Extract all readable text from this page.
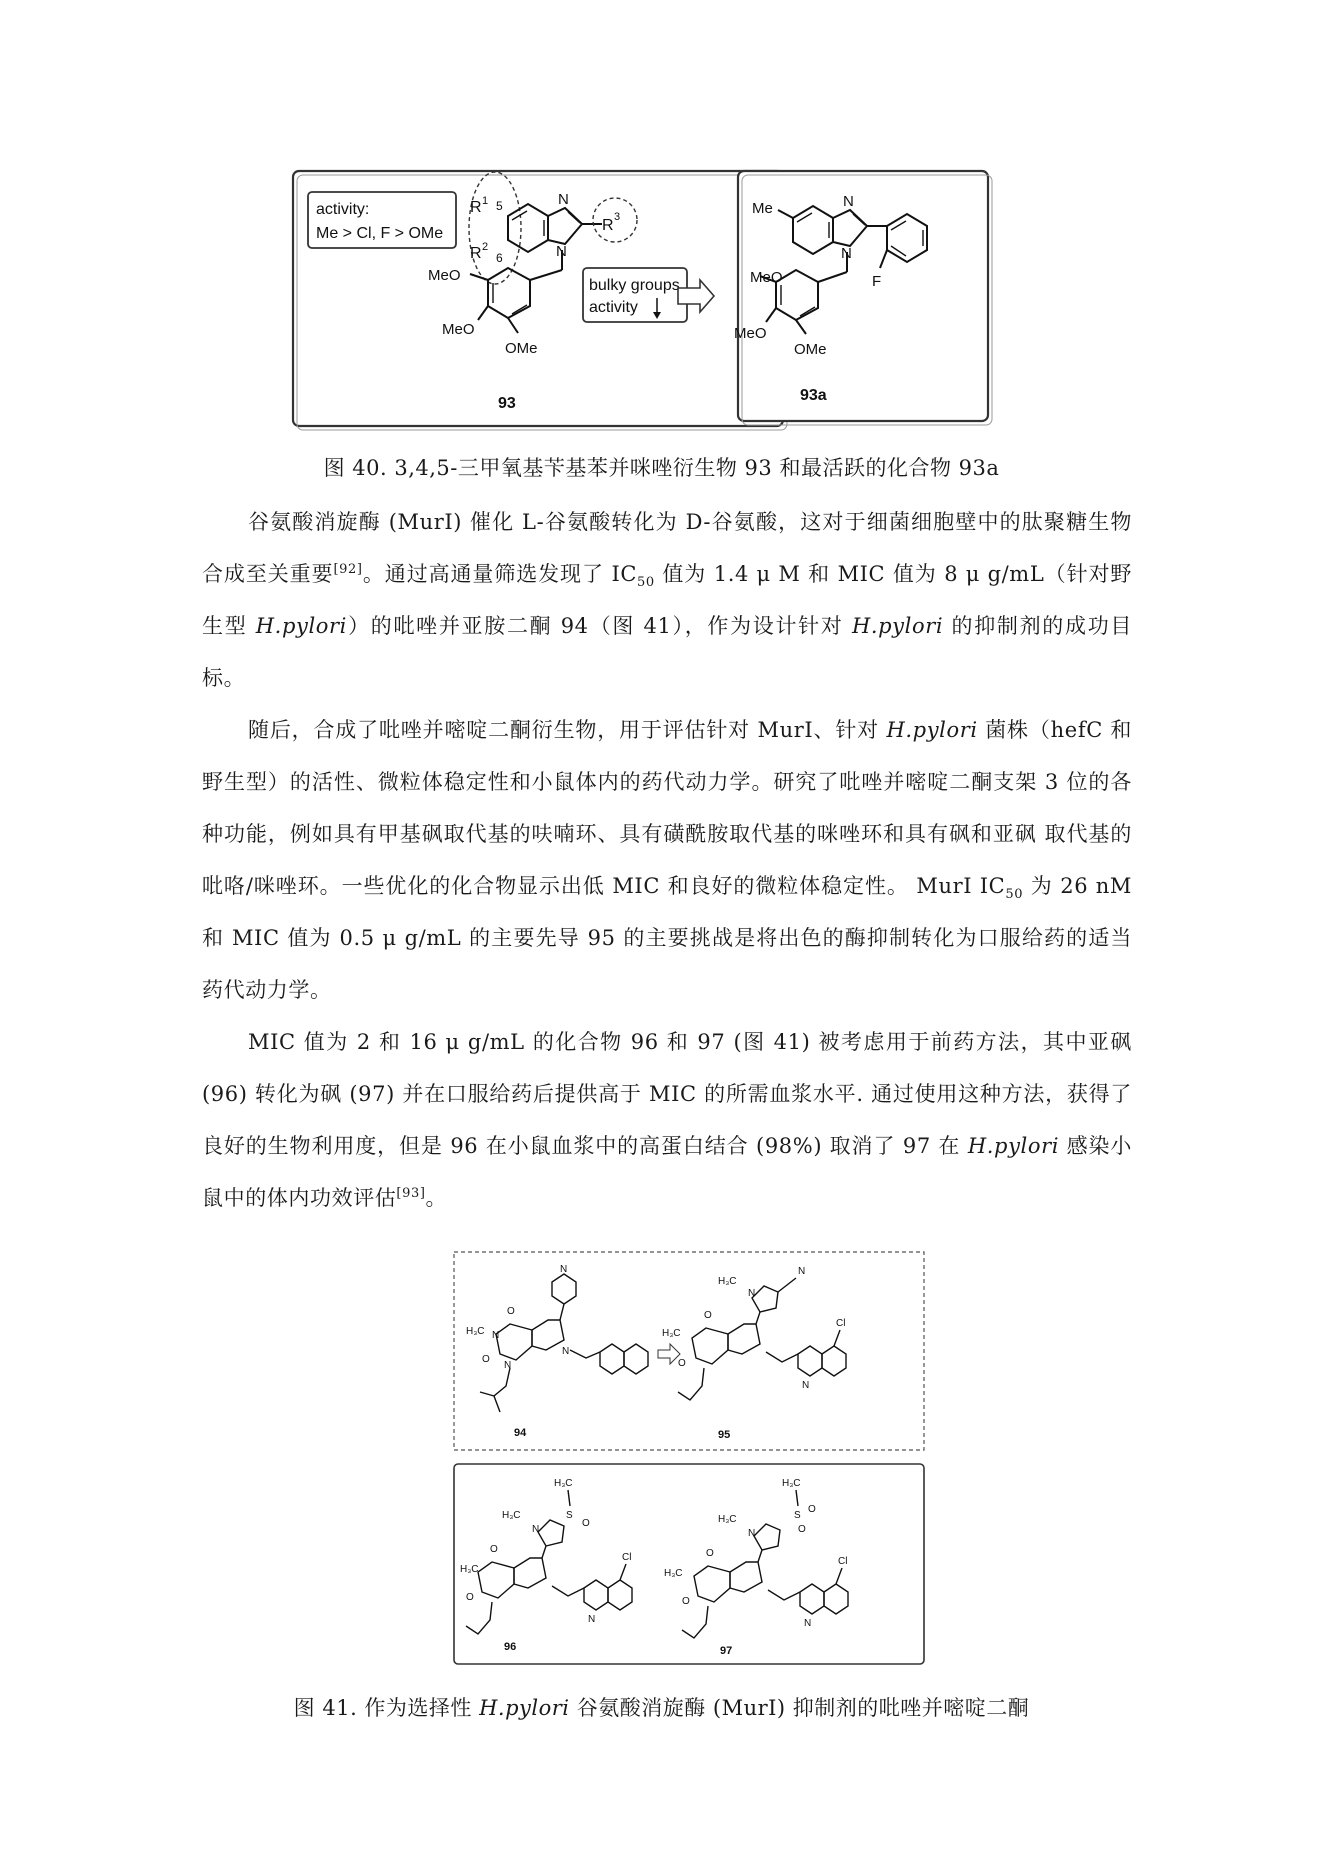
activity:
Me > Cl, F > OMe
R 1 5
R 2
6
N
N
R 3
MeO
MeO
OMe
bulky groups
activity
93
Me	N
N
F
MeO
MeO
OMe
93a
图 40. 3,4,5-三甲氧基苄基苯并咪唑衍生物 93 和最活跃的化合物 93a

谷氨酸消旋酶 (MurI) 催化 L-谷氨酸转化为 D-谷氨酸，这对于细菌细胞壁中的肽聚糖生物合成至关重要[92]。通过高通量筛选发现了 $IC_{50}$ 值为 1.4 μ M 和 MIC 值为 8 μ g/mL（针对野生型 H.pylori）的吡唑并亚胺二酮 94（图 41），作为设计针对 H.pylori 的抑制剂的成功目标。

随后，合成了吡唑并嘧啶二酮衍生物，用于评估针对 MurI、针对 H.pylori 菌株（hefC 和野生型）的活性、微粒体稳定性和小鼠体内的药代动力学。研究了吡唑并嘧啶二酮支架 3 位的各种功能，例如具有甲基砜取代基的呋喃环、具有磺酰胺取代基的咪唑环和具有砜和亚砜 取代基的吡咯/咪唑环。一些优化的化合物显示出低 MIC 和良好的微粒体稳定性。 MurI $IC_{50}$ 为 26 nM 和 MIC 值为 0.5 μ g/mL 的主要先导 95 的主要挑战是将出色的酶抑制转化为口服给药的适当药代动力学。

MIC 值为 2 和 16 μ g/mL 的化合物 96 和 97 (图 41) 被考虑用于前药方法，其中亚砜 (96) 转化为砜 (97) 并在口服给药后提供高于 MIC 的所需血浆水平. 通过使用这种方法，获得了良好的生物利用度，但是 96 在小鼠血浆中的高蛋白结合 (98%) 取消了 97 在 H.pylori 感染小鼠中的体内功效评估[93]。

N
N
N
N
O
O
H₃C
94
N
H₃C
N
H₃C
O
O
Cl
N
95
H₃C
S
O
N
H₃C
H₃C
O
O
Cl
N
96
H₃C
S
O
O
N
H₃C
H₃C
O
O
Cl
N
97
图 41. 作为选择性 H.pylori 谷氨酸消旋酶 (MurI) 抑制剂的吡唑并嘧啶二酮
